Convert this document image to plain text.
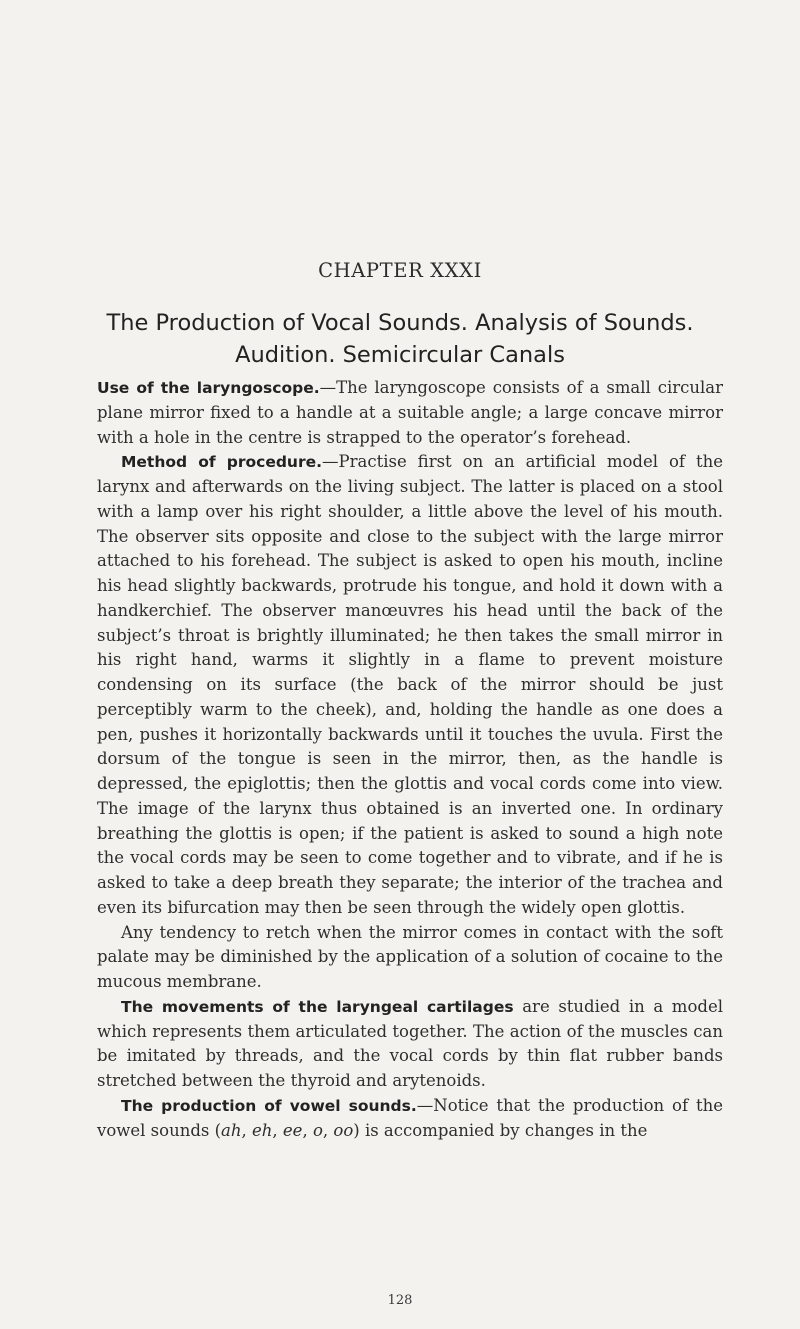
CHAPTER XXXI
The Production of Vocal Sounds. Analysis of Sounds.
Audition. Semicircular Canals

Use of the laryngoscope.—The laryngoscope consists of a small circular plane mirror fixed to a handle at a suitable angle; a large concave mirror with a hole in the centre is strapped to the operator’s forehead.

Method of procedure.—Practise first on an artificial model of the larynx and afterwards on the living subject. The latter is placed on a stool with a lamp over his right shoulder, a little above the level of his mouth. The observer sits opposite and close to the subject with the large mirror attached to his forehead. The subject is asked to open his mouth, incline his head slightly backwards, protrude his tongue, and hold it down with a handkerchief. The observer manœuvres his head until the back of the subject’s throat is brightly illuminated; he then takes the small mirror in his right hand, warms it slightly in a flame to prevent moisture condensing on its surface (the back of the mirror should be just perceptibly warm to the cheek), and, holding the handle as one does a pen, pushes it horizontally backwards until it touches the uvula. First the dorsum of the tongue is seen in the mirror, then, as the handle is depressed, the epiglottis; then the glottis and vocal cords come into view. The image of the larynx thus obtained is an inverted one. In ordinary breathing the glottis is open; if the patient is asked to sound a high note the vocal cords may be seen to come together and to vibrate, and if he is asked to take a deep breath they separate; the interior of the trachea and even its bifurcation may then be seen through the widely open glottis.

Any tendency to retch when the mirror comes in contact with the soft palate may be diminished by the application of a solution of cocaine to the mucous membrane.

The movements of the laryngeal cartilages are studied in a model which represents them articulated together. The action of the muscles can be imitated by threads, and the vocal cords by thin flat rubber bands stretched between the thyroid and arytenoids.

The production of vowel sounds.—Notice that the production of the vowel sounds (ah, eh, ee, o, oo) is accompanied by changes in the

128
